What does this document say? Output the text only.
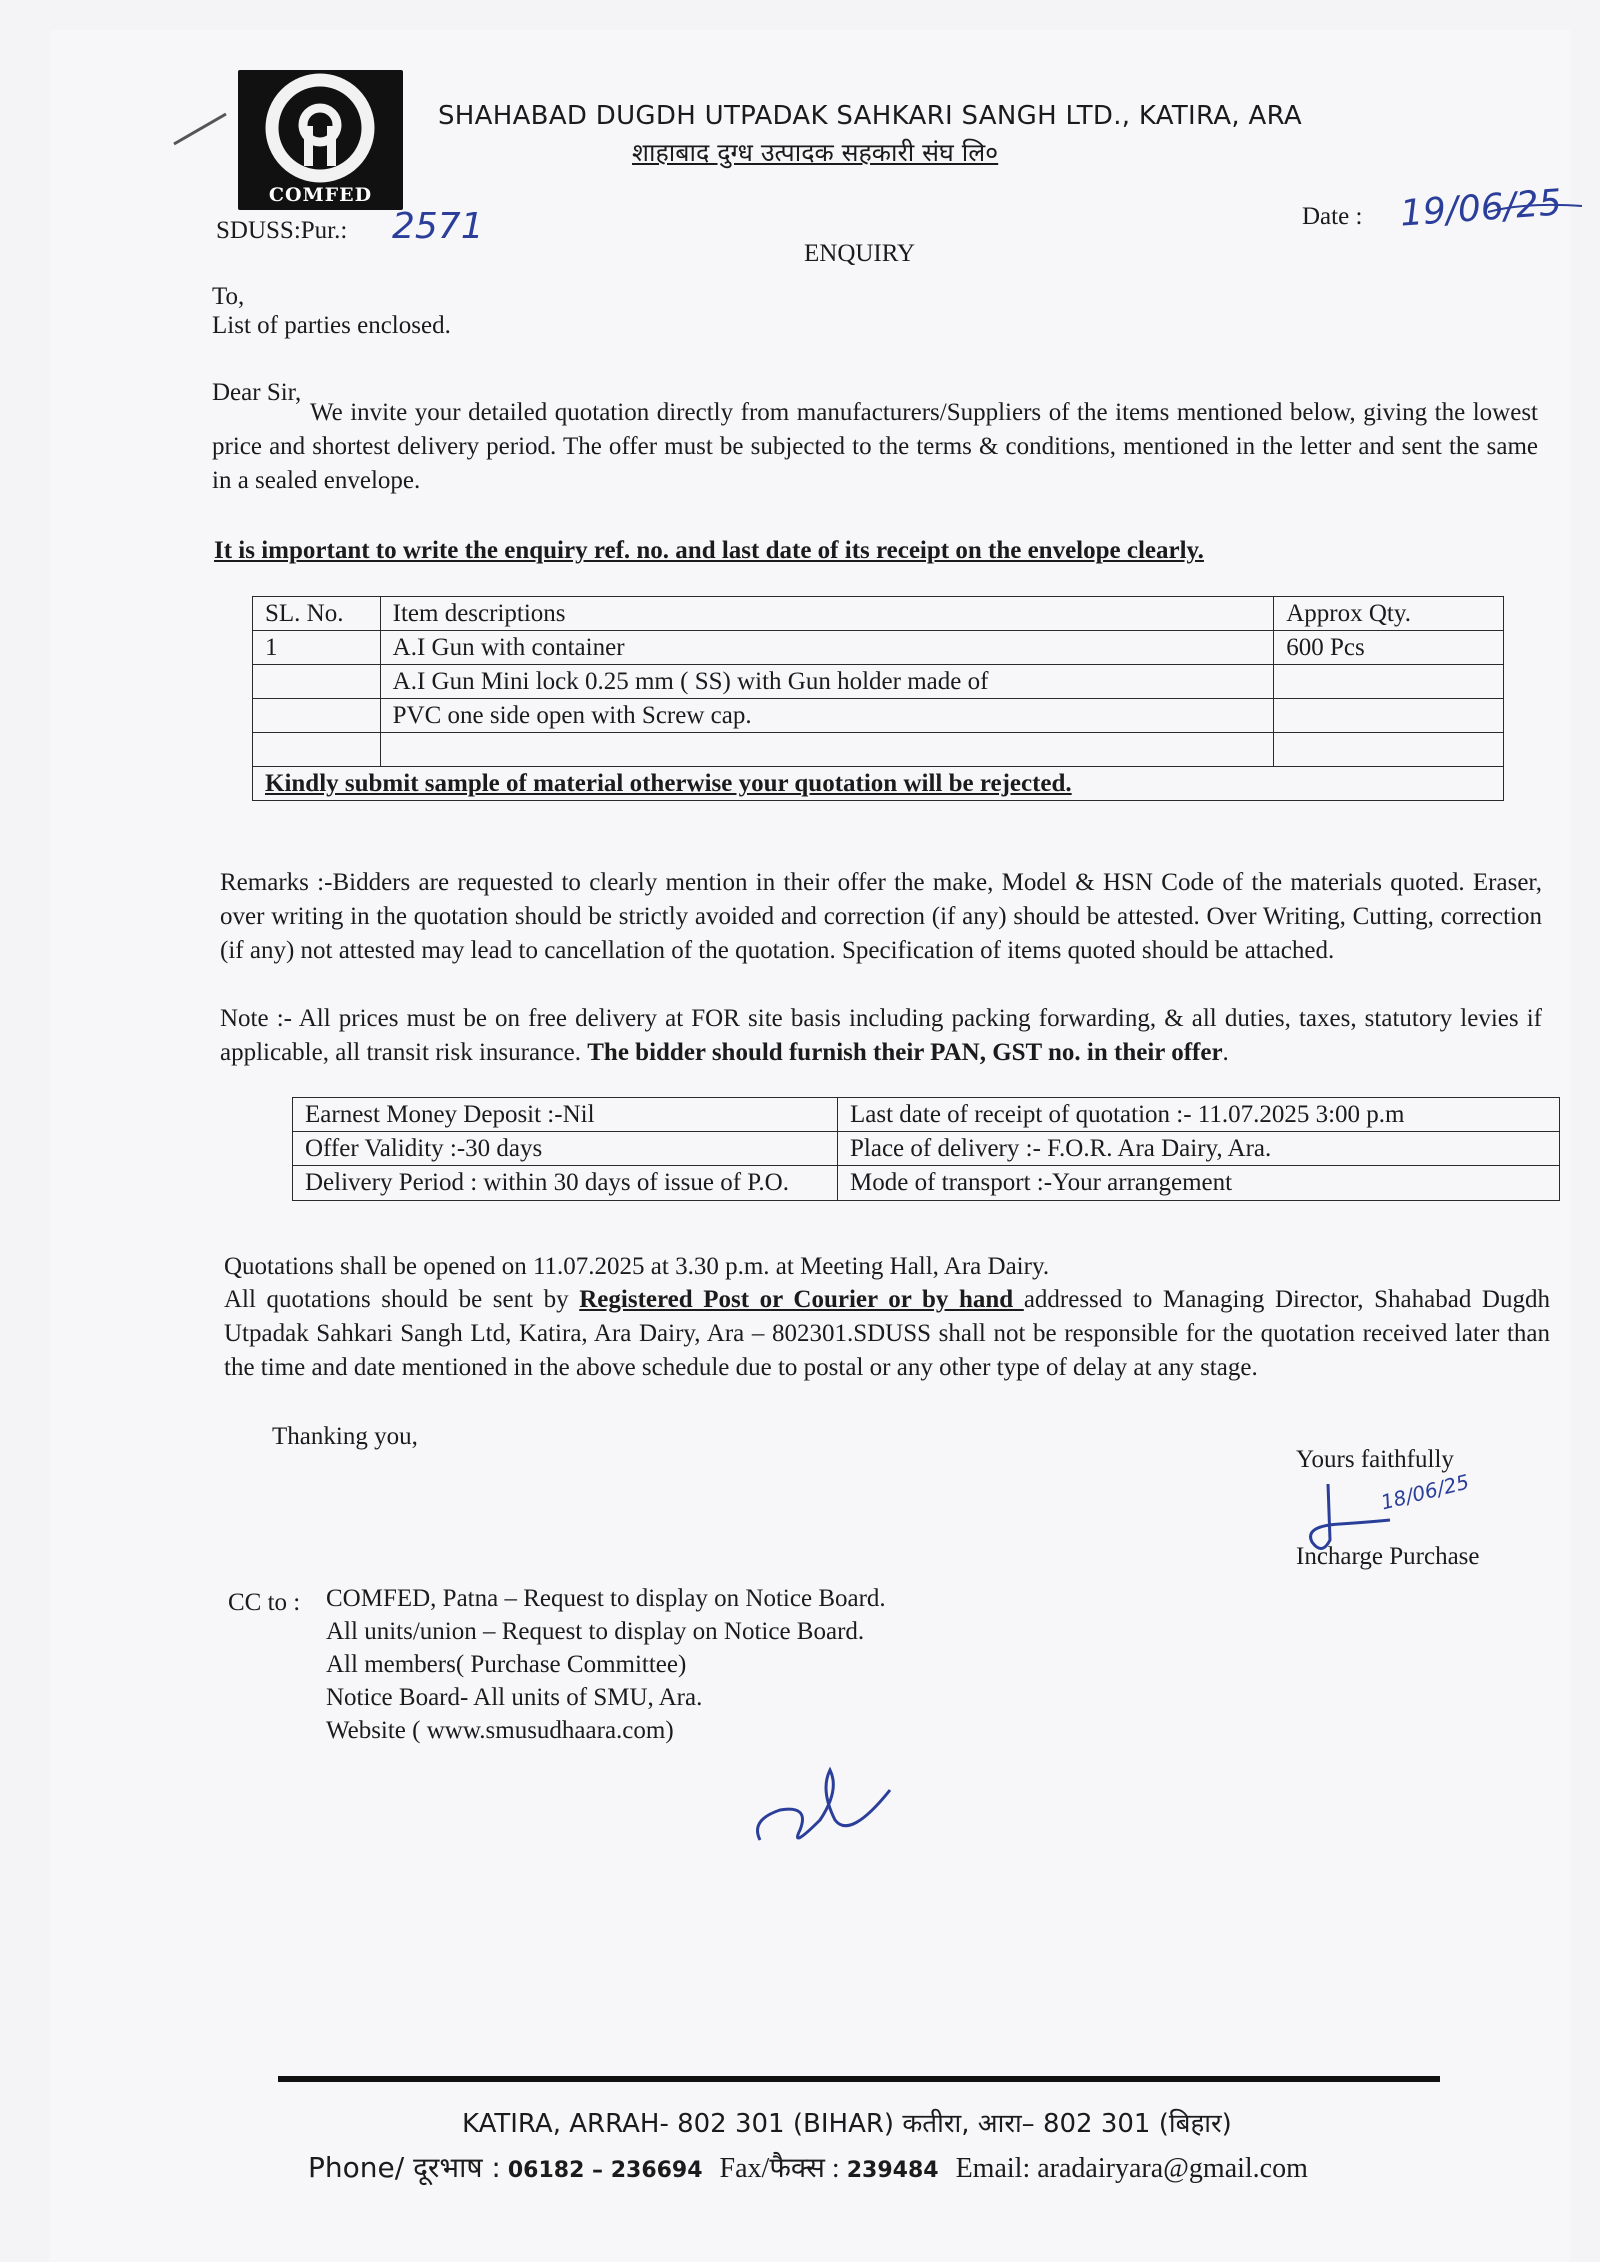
COMFED
SHAHABAD DUGDH UTPADAK SAHKARI SANGH LTD., KATIRA, ARA
शाहाबाद दुग्ध उत्पादक सहकारी संघ लि०
SDUSS:Pur.: 2571	Date : 19/06/25
ENQUIRY
To,
List of parties enclosed.
Dear Sir,
We invite your detailed quotation directly from manufacturers/Suppliers of the items mentioned below, giving the lowest price and shortest delivery period. The offer must be subjected to the terms & conditions, mentioned in the letter and sent the same in a sealed envelope.
It is important to write the enquiry ref. no. and last date of its receipt on the envelope clearly.
SL. No.	Item descriptions	Approx Qty.
1	A.I Gun with container	600 Pcs
	A.I Gun Mini lock 0.25 mm ( SS) with Gun holder made of	
	PVC one side open with Screw cap.	

Kindly submit sample of material otherwise your quotation will be rejected.		
Remarks :-Bidders are requested to clearly mention in their offer the make, Model & HSN Code of the materials quoted. Eraser, over writing in the quotation should be strictly avoided and correction (if any) should be attested. Over Writing, Cutting, correction (if any) not attested may lead to cancellation of the quotation. Specification of items quoted should be attached.
Note :- All prices must be on free delivery at FOR site basis including packing forwarding, & all duties, taxes, statutory levies if applicable, all transit risk insurance. The bidder should furnish their PAN, GST no. in their offer.
Earnest Money Deposit :-Nil	Last date of receipt of quotation :- 11.07.2025 3:00 p.m
Offer Validity :-30 days	Place of delivery :- F.O.R. Ara Dairy, Ara.
Delivery Period : within 30 days of issue of P.O.	Mode of transport :-Your arrangement
Quotations shall be opened on 11.07.2025 at 3.30 p.m. at Meeting Hall, Ara Dairy.
All quotations should be sent by Registered Post or Courier or by hand addressed to Managing Director, Shahabad Dugdh Utpadak Sahkari Sangh Ltd, Katira, Ara Dairy, Ara – 802301.SDUSS shall not be responsible for the quotation received later than the time and date mentioned in the above schedule due to postal or any other type of delay at any stage.
Thanking you,
Yours faithfully
18/06/25
Incharge Purchase
CC to : COMFED, Patna – Request to display on Notice Board.
All units/union – Request to display on Notice Board.
All members( Purchase Committee)
Notice Board- All units of SMU, Ara.
Website ( www.smusudhaara.com)
KATIRA, ARRAH- 802 301 (BIHAR) कतीरा, आरा– 802 301 (बिहार)
Phone/ दूरभाष : 06182 – 236694 Fax/फैक्स : 239484 Email: aradairyara@gmail.com
